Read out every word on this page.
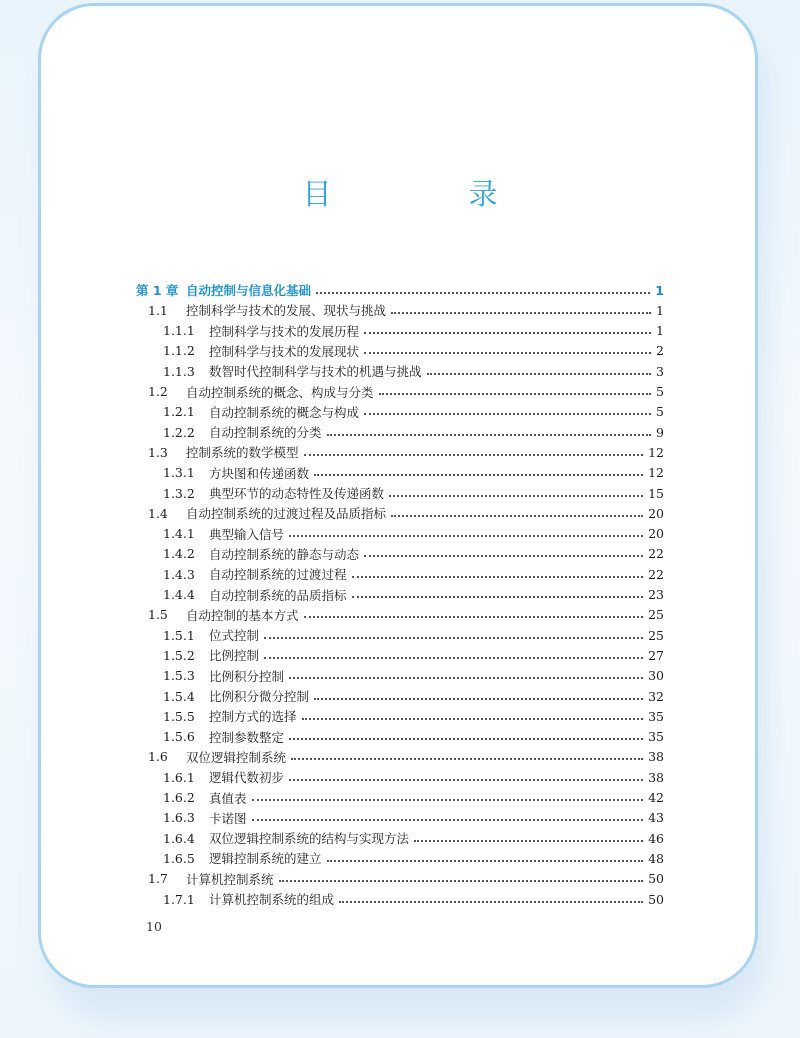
目　录
第 1 章 自动控制与信息化基础	1
1.1	控制科学与技术的发展、现状与挑战	1
1.1.1	控制科学与技术的发展历程	1
1.1.2	控制科学与技术的发展现状	2
1.1.3	数智时代控制科学与技术的机遇与挑战	3
1.2	自动控制系统的概念、构成与分类	5
1.2.1	自动控制系统的概念与构成	5
1.2.2	自动控制系统的分类	9
1.3	控制系统的数学模型	12
1.3.1	方块图和传递函数	12
1.3.2	典型环节的动态特性及传递函数	15
1.4	自动控制系统的过渡过程及品质指标	20
1.4.1	典型输入信号	20
1.4.2	自动控制系统的静态与动态	22
1.4.3	自动控制系统的过渡过程	22
1.4.4	自动控制系统的品质指标	23
1.5	自动控制的基本方式	25
1.5.1	位式控制	25
1.5.2	比例控制	27
1.5.3	比例积分控制	30
1.5.4	比例积分微分控制	32
1.5.5	控制方式的选择	35
1.5.6	控制参数整定	35
1.6	双位逻辑控制系统	38
1.6.1	逻辑代数初步	38
1.6.2	真值表	42
1.6.3	卡诺图	43
1.6.4	双位逻辑控制系统的结构与实现方法	46
1.6.5	逻辑控制系统的建立	48
1.7	计算机控制系统	50
1.7.1	计算机控制系统的组成	50
10
